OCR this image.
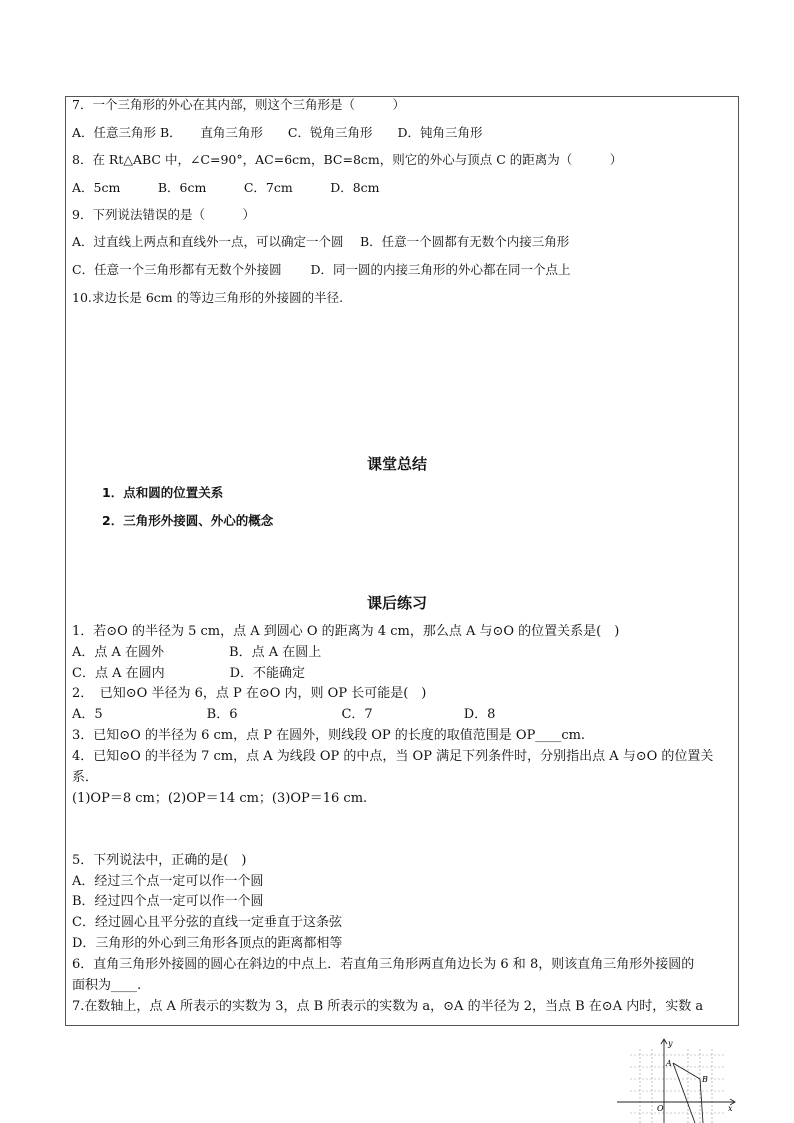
7．一个三角形的外心在其内部，则这个三角形是（　　　）
A．任意三角形 B．　　直角三角形　　C．锐角三角形　　D．钝角三角形
8．在 Rt△ABC 中，∠C=90°，AC=6cm，BC=8cm，则它的外心与顶点 C 的距离为（　　　）
A．5cm　　　B．6cm　　　C．7cm　　　D．8cm
9．下列说法错误的是（　　　）
A．过直线上两点和直线外一点，可以确定一个圆　 B．任意一个圆都有无数个内接三角形
C．任意一个三角形都有无数个外接圆　　 D．同一圆的内接三角形的外心都在同一个点上
10.求边长是 6cm 的等边三角形的外接圆的半径.
课堂总结
1．点和圆的位置关系
2．三角形外接圆、外心的概念
课后练习
1．若⊙O 的半径为 5 cm，点 A 到圆心 O 的距离为 4 cm，那么点 A 与⊙O 的位置关系是(　)
A．点 A 在圆外　　　　　B．点 A 在圆上
C．点 A 在圆内　　　　　D．不能确定
2．　已知⊙O 半径为 6，点 P 在⊙O 内，则 OP 长可能是(　)
A．5　　　　　　　　B．6　　　　　　　　C．7　　　　　　　D．8
3．已知⊙O 的半径为 6 cm，点 P 在圆外，则线段 OP 的长度的取值范围是 OP____cm.
4．已知⊙O 的半径为 7 cm，点 A 为线段 OP 的中点，当 OP 满足下列条件时，分别指出点 A 与⊙O 的位置关
系．
(1)OP＝8 cm；(2)OP＝14 cm；(3)OP＝16 cm.
5．下列说法中，正确的是(　)
A．经过三个点一定可以作一个圆
B．经过四个点一定可以作一个圆
C．经过圆心且平分弦的直线一定垂直于这条弦
D．三角形的外心到三角形各顶点的距离都相等
6．直角三角形外接圆的圆心在斜边的中点上．若直角三角形两直角边长为 6 和 8，则该直角三角形外接圆的
面积为____.
7.在数轴上，点 A 所表示的实数为 3，点 B 所表示的实数为 a，⊙A 的半径为 2，当点 B 在⊙A 内时，实数 a
y
x
A
B
O
